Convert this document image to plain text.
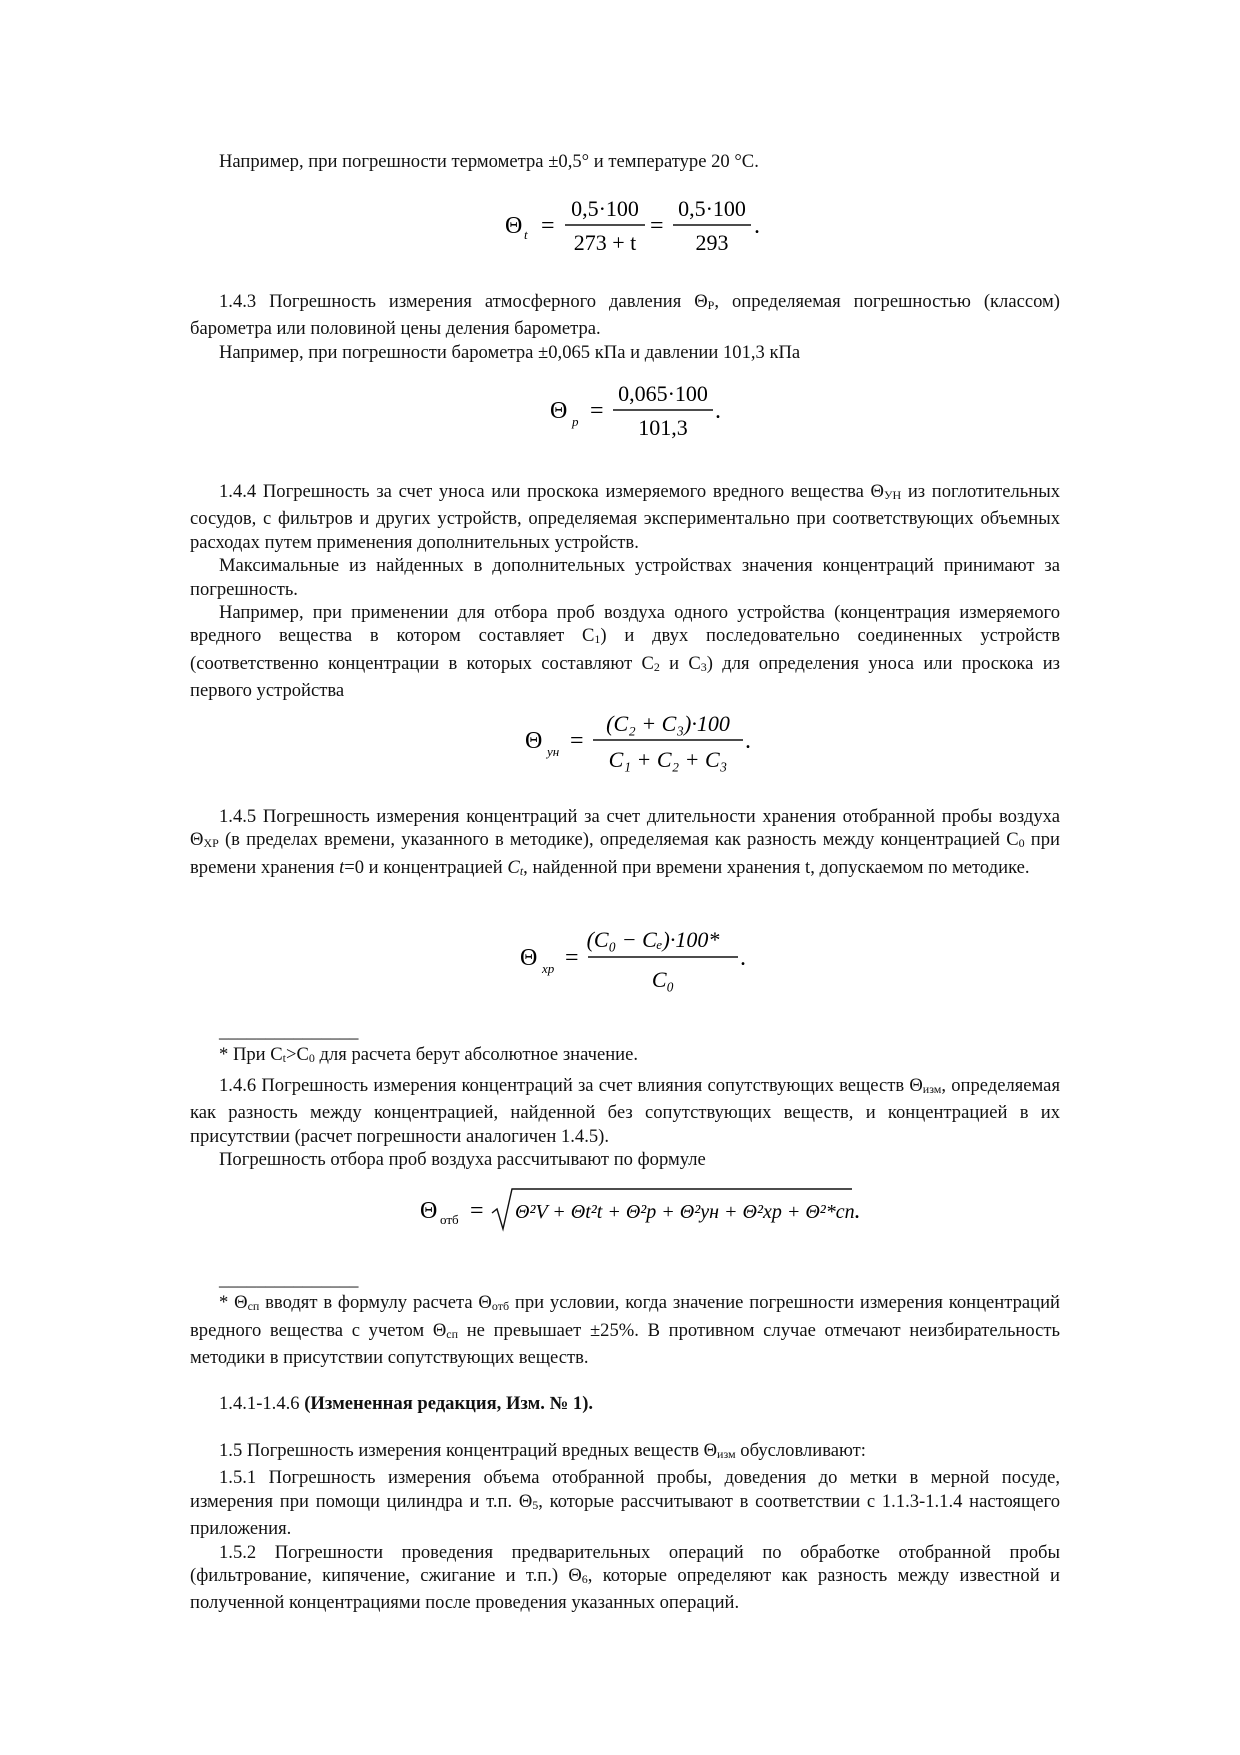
Например, при погрешности термометра ±0,5° и температуре 20 °С.

Θ t =
0,5·100
273 + t
=
0,5·100
293
.

1.4.3 Погрешность измерения атмосферного давления ΘР, определяемая погрешностью (классом) барометра или половиной цены деления барометра.

Например, при погрешности барометра ±0,065 кПа и давлении 101,3 кПа

Θ р =
0,065·100
101,3
.

1.4.4 Погрешность за счет уноса или проскока измеряемого вредного вещества ΘУН из поглотительных сосудов, с фильтров и других устройств, определяемая экспериментально при соответствующих объемных расходах путем применения дополнительных устройств.

Максимальные из найденных в дополнительных устройствах значения концентраций принимают за погрешность.

Например, при применении для отбора проб воздуха одного устройства (концентрация измеряемого вредного вещества в котором составляет С1) и двух последовательно соединенных устройств (соответственно концентрации в которых составляют С2 и С3) для определения уноса или проскока из первого устройства

Θ ун =
(C₂ + C₃)·100
C₁ + C₂ + C₃
.

1.4.5 Погрешность измерения концентраций за счет длительности хранения отобранной пробы воздуха ΘХР (в пределах времени, указанного в методике), определяемая как разность между концентрацией С0 при времени хранения t=0 и концентрацией Ct, найденной при времени хранения t, допускаемом по методике.

Θ хр =
(C₀ − Cₑ)·100*
C₀
.

_______________

* При Ct>C0 для расчета берут абсолютное значение.

1.4.6 Погрешность измерения концентраций за счет влияния сопутствующих веществ Θизм, определяемая как разность между концентрацией, найденной без сопутствующих веществ, и концентрацией в их присутствии (расчет погрешности аналогичен 1.4.5).

Погрешность отбора проб воздуха рассчитывают по формуле

Θ отб = Θ²V + Θt²t + Θ²р + Θ²ун + Θ²хр + Θ²*сп .

_______________

* Θсп вводят в формулу расчета Θотб при условии, когда значение погрешности измерения концентраций вредного вещества с учетом Θсп не превышает ±25%. В противном случае отмечают неизбирательность методики в присутствии сопутствующих веществ.

1.4.1-1.4.6 (Измененная редакция, Изм. № 1).

1.5 Погрешность измерения концентраций вредных веществ Θизм обусловливают:

1.5.1 Погрешность измерения объема отобранной пробы, доведения до метки в мерной посуде, измерения при помощи цилиндра и т.п. Θ5, которые рассчитывают в соответствии с 1.1.3-1.1.4 настоящего приложения.

1.5.2 Погрешности проведения предварительных операций по обработке отобранной пробы (фильтрование, кипячение, сжигание и т.п.) Θ6, которые определяют как разность между известной и полученной концентрациями после проведения указанных операций.
